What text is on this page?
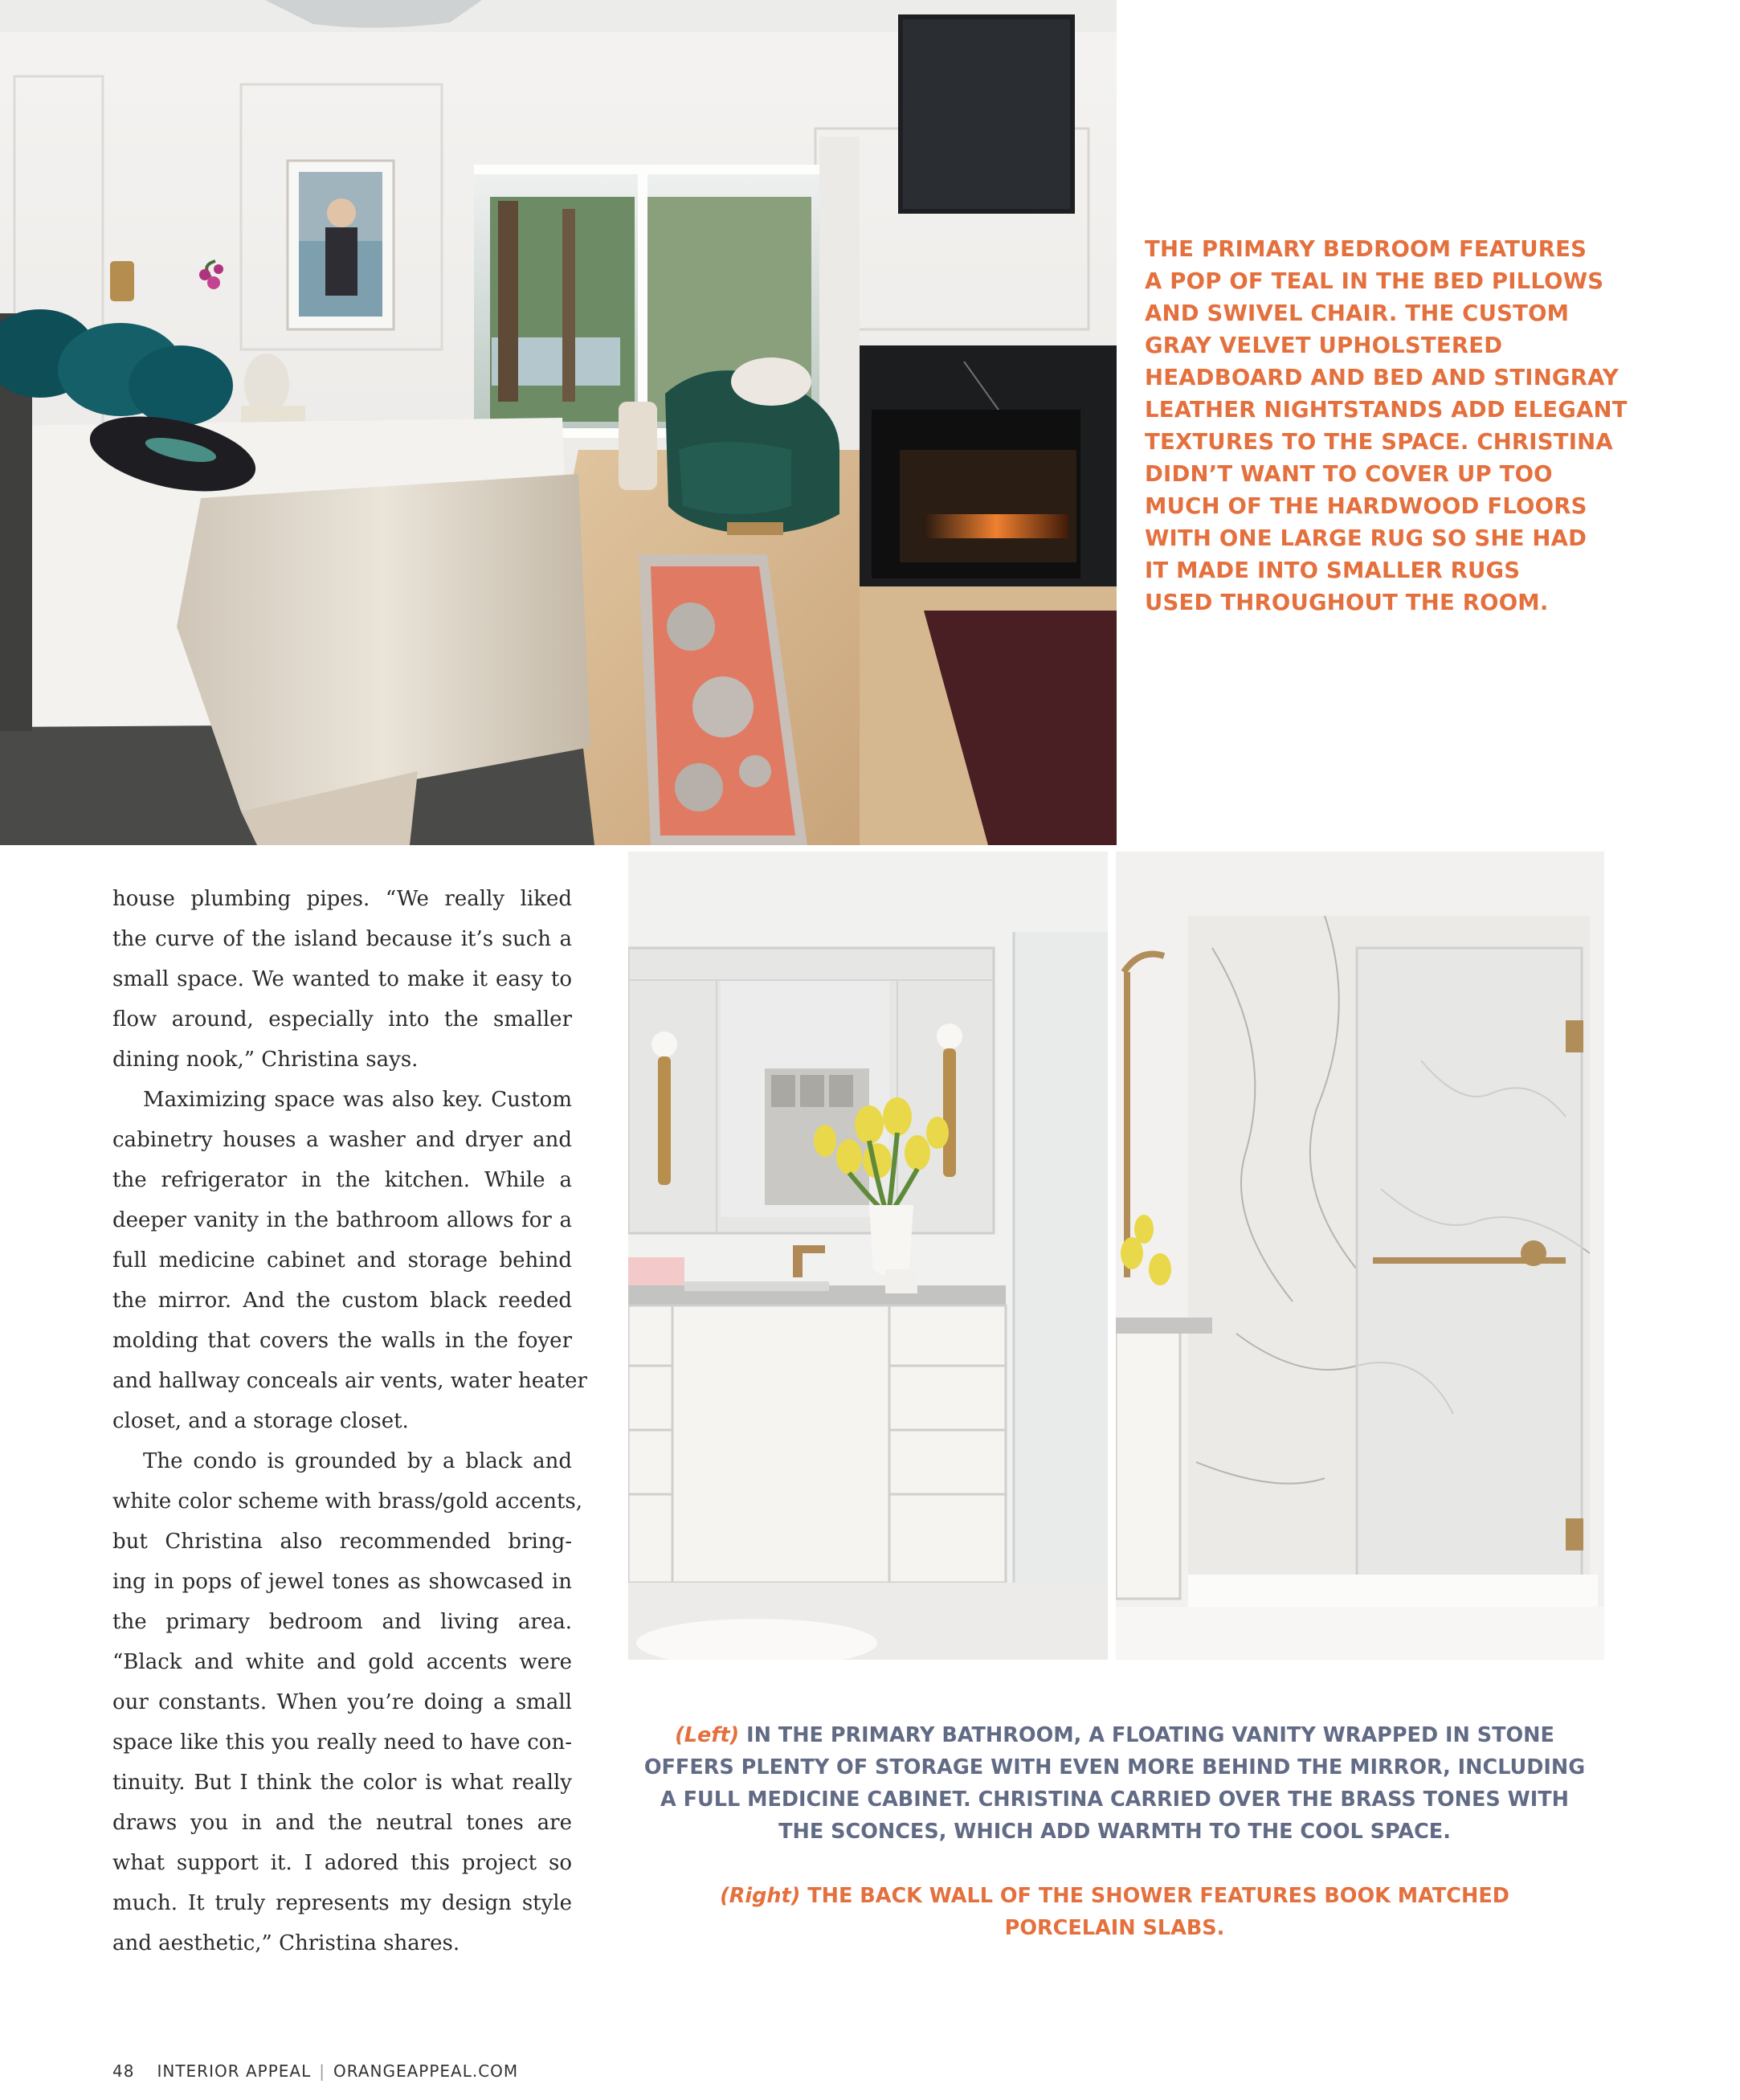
THE PRIMARY BEDROOM FEATURES
A POP OF TEAL IN THE BED PILLOWS
AND SWIVEL CHAIR. THE CUSTOM
GRAY VELVET UPHOLSTERED
HEADBOARD AND BED AND STINGRAY
LEATHER NIGHTSTANDS ADD ELEGANT
TEXTURES TO THE SPACE. CHRISTINA
DIDN’T WANT TO COVER UP TOO
MUCH OF THE HARDWOOD FLOORS
WITH ONE LARGE RUG SO SHE HAD
IT MADE INTO SMALLER RUGS
USED THROUGHOUT THE ROOM.
house plumbing pipes. “We really liked
the curve of the island because it’s such a
small space. We wanted to make it easy to
flow around, especially into the smaller
dining nook,” Christina says.
Maximizing space was also key. Custom
cabinetry houses a washer and dryer and
the refrigerator in the kitchen. While a
deeper vanity in the bathroom allows for a
full medicine cabinet and storage behind
the mirror. And the custom black reeded
molding that covers the walls in the foyer
and hallway conceals air vents, water heater
closet, and a storage closet.
The condo is grounded by a black and
white color scheme with brass/gold accents,
but Christina also recommended bring-
ing in pops of jewel tones as showcased in
the primary bedroom and living area.
“Black and white and gold accents were
our constants. When you’re doing a small
space like this you really need to have con-
tinuity. But I think the color is what really
draws you in and the neutral tones are
what support it. I adored this project so
much. It truly represents my design style
and aesthetic,” Christina shares.
(Left) IN THE PRIMARY BATHROOM, A FLOATING VANITY WRAPPED IN STONE
OFFERS PLENTY OF STORAGE WITH EVEN MORE BEHIND THE MIRROR, INCLUDING
A FULL MEDICINE CABINET. CHRISTINA CARRIED OVER THE BRASS TONES WITH
THE SCONCES, WHICH ADD WARMTH TO THE COOL SPACE.
(Right) THE BACK WALL OF THE SHOWER FEATURES BOOK MATCHED
PORCELAIN SLABS.
48 INTERIOR APPEAL | ORANGEAPPEAL.COM
